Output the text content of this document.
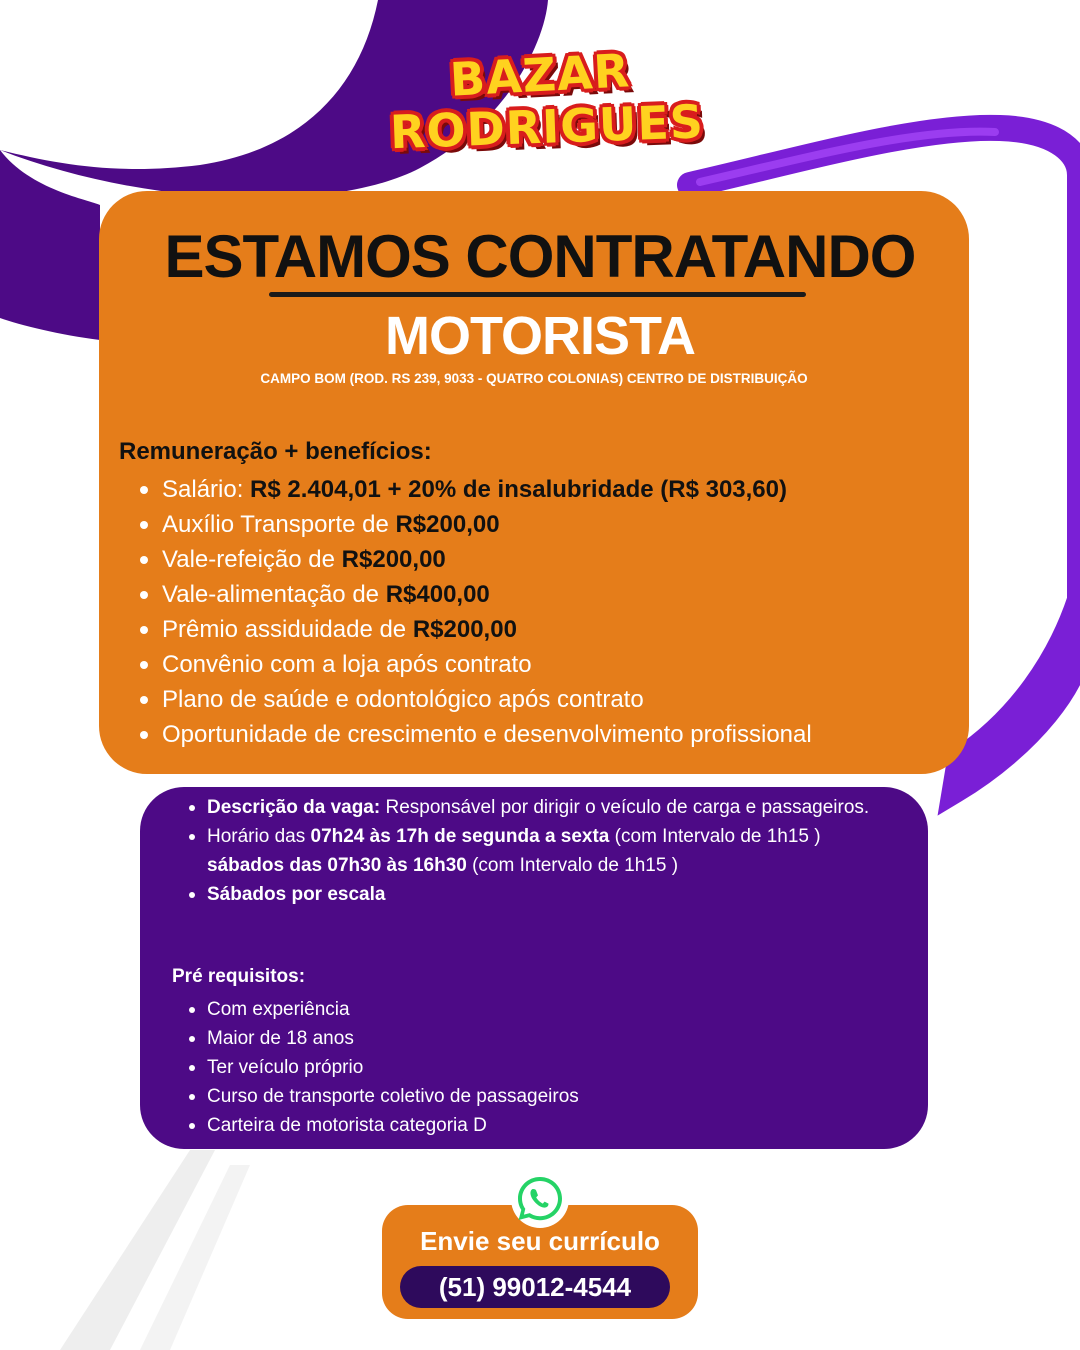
BAZAR
RODRIGUES
ESTAMOS CONTRATANDO
MOTORISTA
CAMPO BOM (ROD. RS 239, 9033 - QUATRO COLONIAS) CENTRO DE DISTRIBUIÇÃO
Remuneração + benefícios:
Salário: R$ 2.404,01 + 20% de insalubridade (R$ 303,60)
Auxílio Transporte de R$200,00
Vale-refeição de R$200,00
Vale-alimentação de R$400,00
Prêmio assiduidade de R$200,00
Convênio com a loja após contrato
Plano de saúde e odontológico após contrato
Oportunidade de crescimento e desenvolvimento profissional
Descrição da vaga: Responsável por dirigir o veículo de carga e passageiros.
Horário das 07h24 às 17h de segunda a sexta (com Intervalo de 1h15 )
sábados das 07h30 às 16h30 (com Intervalo de 1h15 )
Sábados por escala
Pré requisitos:
Com experiência
Maior de 18 anos
Ter veículo próprio
Curso de transporte coletivo de passageiros
Carteira de motorista categoria D
Envie seu currículo
(51) 99012-4544
